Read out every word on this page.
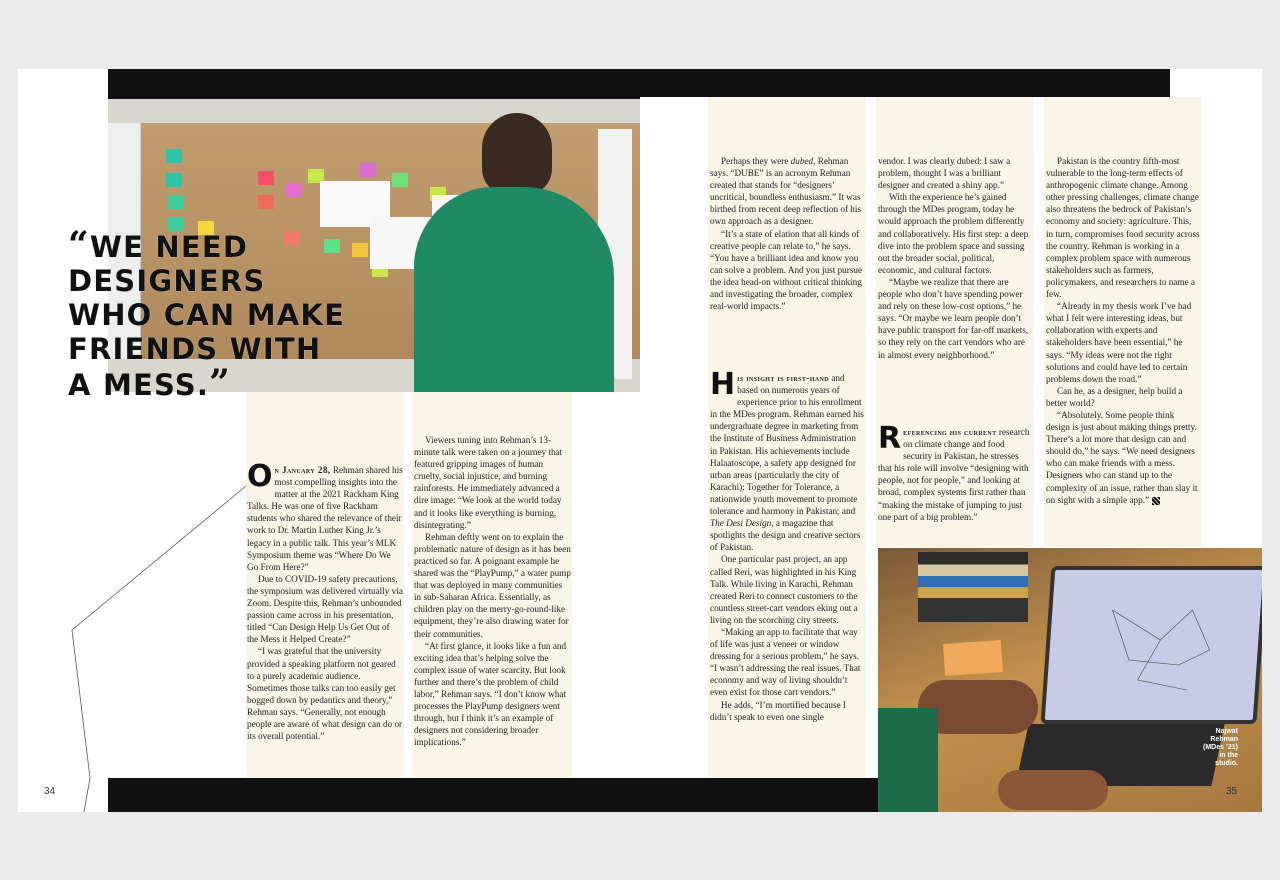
“WE NEED DESIGNERS WHO CAN MAKE FRIENDS WITH A MESS.”

On January 28, Rehman shared his most compelling insights into the matter at the 2021 Rackham King Talks. He was one of five Rackham students who shared the relevance of their work to Dr. Martin Luther King Jr.’s legacy in a public talk. This year’s MLK Symposium theme was “Where Do We Go From Here?”

Due to COVID-19 safety precautions, the symposium was delivered virtually via Zoom. Despite this, Rehman’s unbounded passion came across in his presentation, titled “Can Design Help Us Get Out of the Mess it Helped Create?”

“I was grateful that the university provided a speaking platform not geared to a purely academic audience. Sometimes those talks can too easily get bogged down by pedantics and theory,” Rehman says. “Generally, not enough people are aware of what design can do or its overall potential.”

Viewers tuning into Rehman’s 13-minute talk were taken on a journey that featured gripping images of human cruelty, social injustice, and burning rainforests. He immediately advanced a dire image: “We look at the world today and it looks like everything is burning, disintegrating.”

Rehman deftly went on to explain the problematic nature of design as it has been practiced so far. A poignant example he shared was the “PlayPump,” a water pump that was deployed in many communities in sub-Saharan Africa. Essentially, as children play on the merry-go-round-like equipment, they’re also drawing water for their communities.

“At first glance, it looks like a fun and exciting idea that’s helping solve the complex issue of water scarcity. But look further and there’s the problem of child labor,” Rehman says. “I don’t know what processes the PlayPump designers went through, but I think it’s an example of designers not considering broader implications.”

Perhaps they were dubed, Rehman says. “DUBE” is an acronym Rehman created that stands for “designers’ uncritical, boundless enthusiasm.” It was birthed from recent deep reflection of his own approach as a designer.

“It’s a state of elation that all kinds of creative people can relate to,” he says. “You have a brilliant idea and know you can solve a problem. And you just pursue the idea head-on without critical thinking and investigating the broader, complex real-world impacts.”

His insight is first-hand and based on numerous years of experience prior to his enrollment in the MDes program. Rehman earned his undergraduate degree in marketing from the Institute of Business Administration in Pakistan. His achievements include Halaatoscope, a safety app designed for urban areas (particularly the city of Karachi); Together for Tolerance, a nationwide youth movement to promote tolerance and harmony in Pakistan; and The Desi Design, a magazine that spotlights the design and creative sectors of Pakistan.

One particular past project, an app called Reri, was highlighted in his King Talk. While living in Karachi, Rehman created Reri to connect customers to the countless street-cart vendors eking out a living on the scorching city streets.

“Making an app to facilitate that way of life was just a veneer or window dressing for a serious problem,” he says. “I wasn’t addressing the real issues. That economy and way of living shouldn’t even exist for those cart vendors.”

He adds, “I’m mortified because I didn’t speak to even one single

vendor. I was clearly dubed: I saw a problem, thought I was a brilliant designer and created a shiny app.”

With the experience he’s gained through the MDes program, today he would approach the problem differently and collaboratively. His first step: a deep dive into the problem space and sussing out the broader social, political, economic, and cultural factors.

“Maybe we realize that there are people who don’t have spending power and rely on these low-cost options,” he says. “Or maybe we learn people don’t have public transport for far-off markets, so they rely on the cart vendors who are in almost every neighborhood.”

Referencing his current research on climate change and food security in Pakistan, he stresses that his role will involve “designing with people, not for people,” and looking at broad, complex systems first rather than “making the mistake of jumping to just one part of a big problem.”

Pakistan is the country fifth-most vulnerable to the long-term effects of anthropogenic climate change. Among other pressing challenges, climate change also threatens the bedrock of Pakistan’s economy and society: agriculture. This, in turn, compromises food security across the country. Rehman is working in a complex problem space with numerous stakeholders such as farmers, policymakers, and researchers to name a few.

“Already in my thesis work I’ve had what I felt were interesting ideas, but collaboration with experts and stakeholders have been essential,” he says. “My ideas were not the right solutions and could have led to certain problems down the road.”

Can he, as a designer, help build a better world?

“Absolutely. Some people think design is just about making things pretty. There’s a lot more that design can and should do,” he says. “We need designers who can make friends with a mess. Designers who can stand up to the complexity of an issue, rather than slay it on sight with a simple app.”

Najwat
Rehman
(MDes ’21)
in the studio.
34	35
